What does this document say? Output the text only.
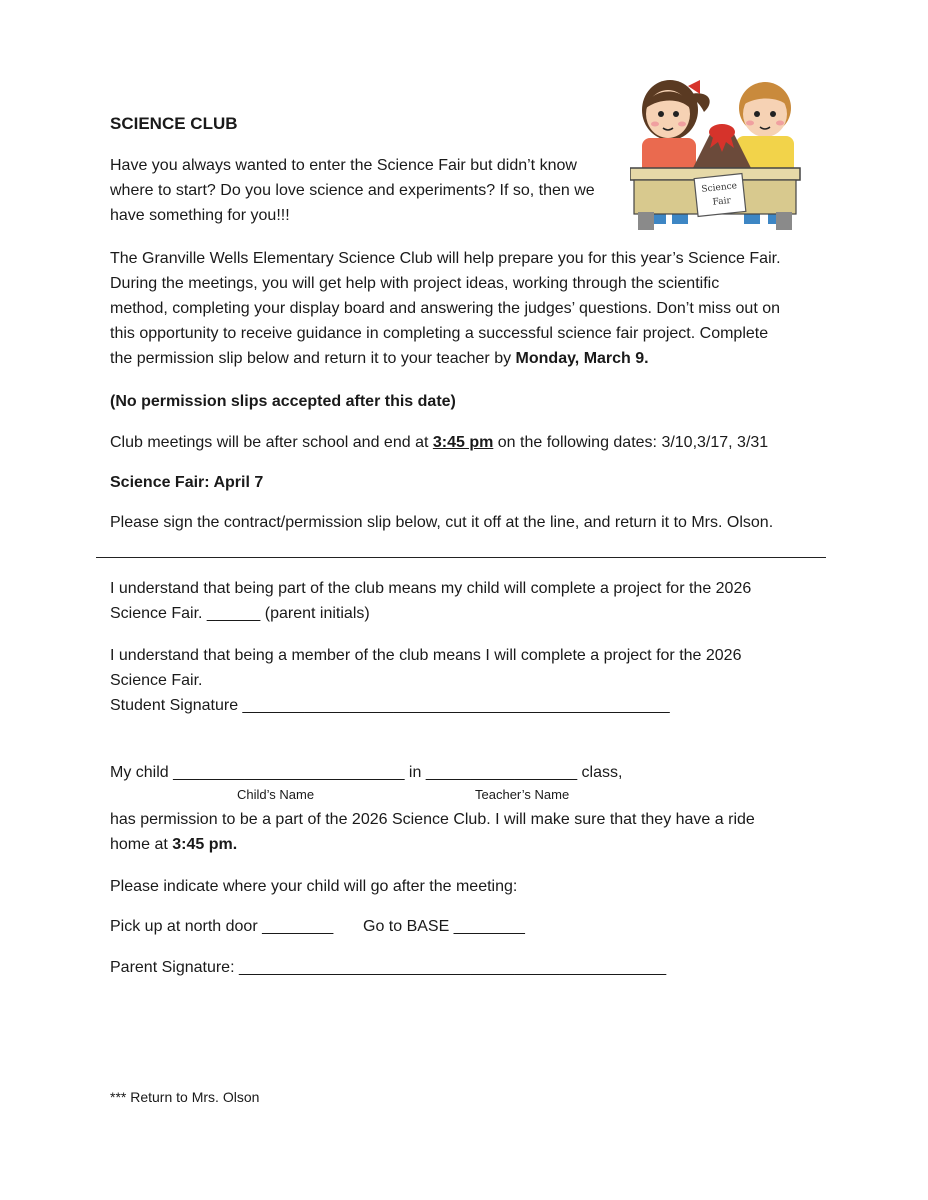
SCIENCE CLUB
Have you always wanted to enter the Science Fair but didn’t know
where to start? Do you love science and experiments? If so, then we
have something for you!!!
Science
Fair
The Granville Wells Elementary Science Club will help prepare you for this year’s Science Fair.
During the meetings, you will get help with project ideas, working through the scientific
method, completing your display board and answering the judges’ questions. Don’t miss out on
this opportunity to receive guidance in completing a successful science fair project. Complete
the permission slip below and return it to your teacher by Monday, March 9.
(No permission slips accepted after this date)
Club meetings will be after school and end at 3:45 pm on the following dates: 3/10,3/17, 3/31
Science Fair: April 7
Please sign the contract/permission slip below, cut it off at the line, and return it to Mrs. Olson.
I understand that being part of the club means my child will complete a project for the 2026
Science Fair. ______ (parent initials)
I understand that being a member of the club means I will complete a project for the 2026
Science Fair.
Student Signature ________________________________________________
My child __________________________ in _________________ class,
Child’s Name	Teacher’s Name
has permission to be a part of the 2026 Science Club. I will make sure that they have a ride
home at 3:45 pm.
Please indicate where your child will go after the meeting:
Pick up at north door ________ Go to BASE ________
Parent Signature: ________________________________________________
*** Return to Mrs. Olson
